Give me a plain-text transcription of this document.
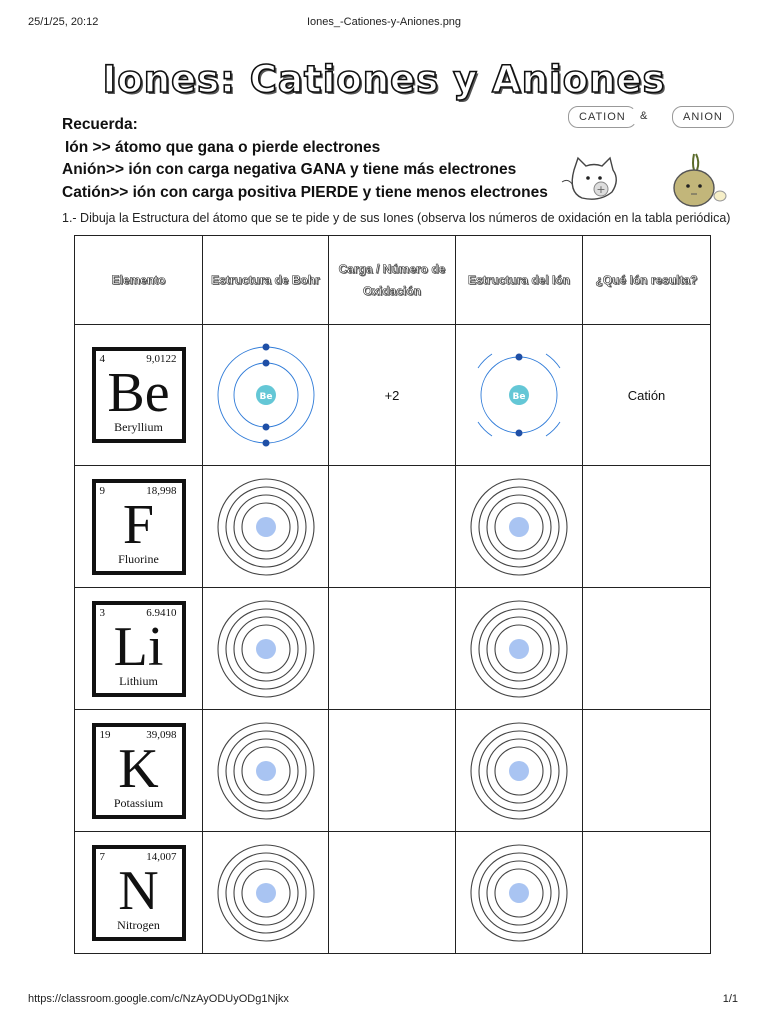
25/1/25, 20:12	Iones_-Cationes-y-Aniones.png
Iones: Cationes y Aniones
CATION	&	ANION
+
Recuerda:
Ión >> átomo que gana o pierde electrones
Anión>> ión con carga negativa GANA y tiene más electrones
Catión>> ión con carga positiva PIERDE y tiene menos electrones
1.- Dibuja la Estructura del átomo que se te pide y de sus Iones (observa los números de oxidación en la tabla periódica)
Elemento	Estructura de Bohr	Carga / Número de Oxidación	Estructura del Ión	¿Qué Ión resulta?

4 9,0122
Be
Beryllium	Be	+2	Be	Catión

9 18,998
F
Fluorine

3 6.9410
Li
Lithium

19 39,098
K
Potassium

7 14,007
N
Nitrogen

https://classroom.google.com/c/NzAyODUyODg1Njkx	1/1
